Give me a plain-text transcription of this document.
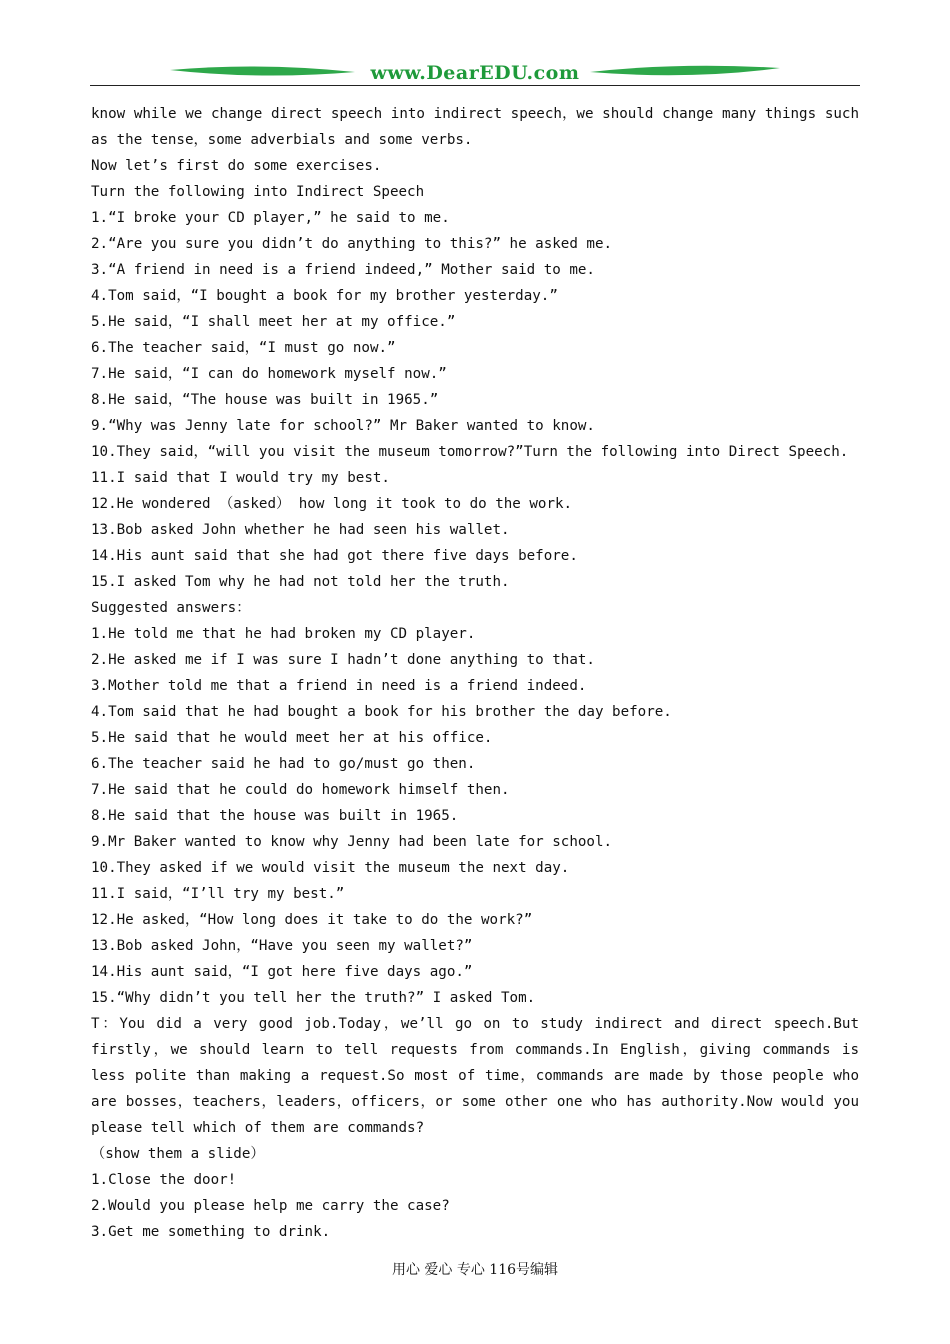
www.DearEDU.com
know while we change direct speech into indirect speech，we should change many things such as the tense，some adverbials and some verbs.
Now let’s first do some exercises.
Turn the following into Indirect Speech
1.“I broke your CD player,” he said to me.
2.“Are you sure you didn’t do anything to this?” he asked me.
3.“A friend in need is a friend indeed,” Mother said to me.
4.Tom said，“I bought a book for my brother yesterday.”
5.He said，“I shall meet her at my office.”
6.The teacher said，“I must go now.”
7.He said，“I can do homework myself now.”
8.He said，“The house was built in 1965.”
9.“Why was Jenny late for school?” Mr Baker wanted to know.
10.They said，“will you visit the museum tomorrow?”Turn the following into Direct Speech.
11.I said that I would try my best.
12.He wondered （asked） how long it took to do the work.
13.Bob asked John whether he had seen his wallet.
14.His aunt said that she had got there five days before.
15.I asked Tom why he had not told her the truth.
Suggested answers：
1.He told me that he had broken my CD player.
2.He asked me if I was sure I hadn’t done anything to that.
3.Mother told me that a friend in need is a friend indeed.
4.Tom said that he had bought a book for his brother the day before.
5.He said that he would meet her at his office.
6.The teacher said he had to go/must go then.
7.He said that he could do homework himself then.
8.He said that the house was built in 1965.
9.Mr Baker wanted to know why Jenny had been late for school.
10.They asked if we would visit the museum the next day.
11.I said，“I’ll try my best.”
12.He asked，“How long does it take to do the work?”
13.Bob asked John，“Have you seen my wallet?”
14.His aunt said，“I got here five days ago.”
15.“Why didn’t you tell her the truth?” I asked Tom.
T：You did a very good job.Today，we’ll go on to study indirect and direct speech.But firstly，we should learn to tell requests from commands.In English，giving commands is less polite than making a request.So most of time，commands are made by those people who are bosses，teachers，leaders，officers，or some other one who has authority.Now would you please tell which of them are commands?
（show them a slide）
1.Close the door!
2.Would you please help me carry the case?
3.Get me something to drink.
用心 爱心 专心 116号编辑
